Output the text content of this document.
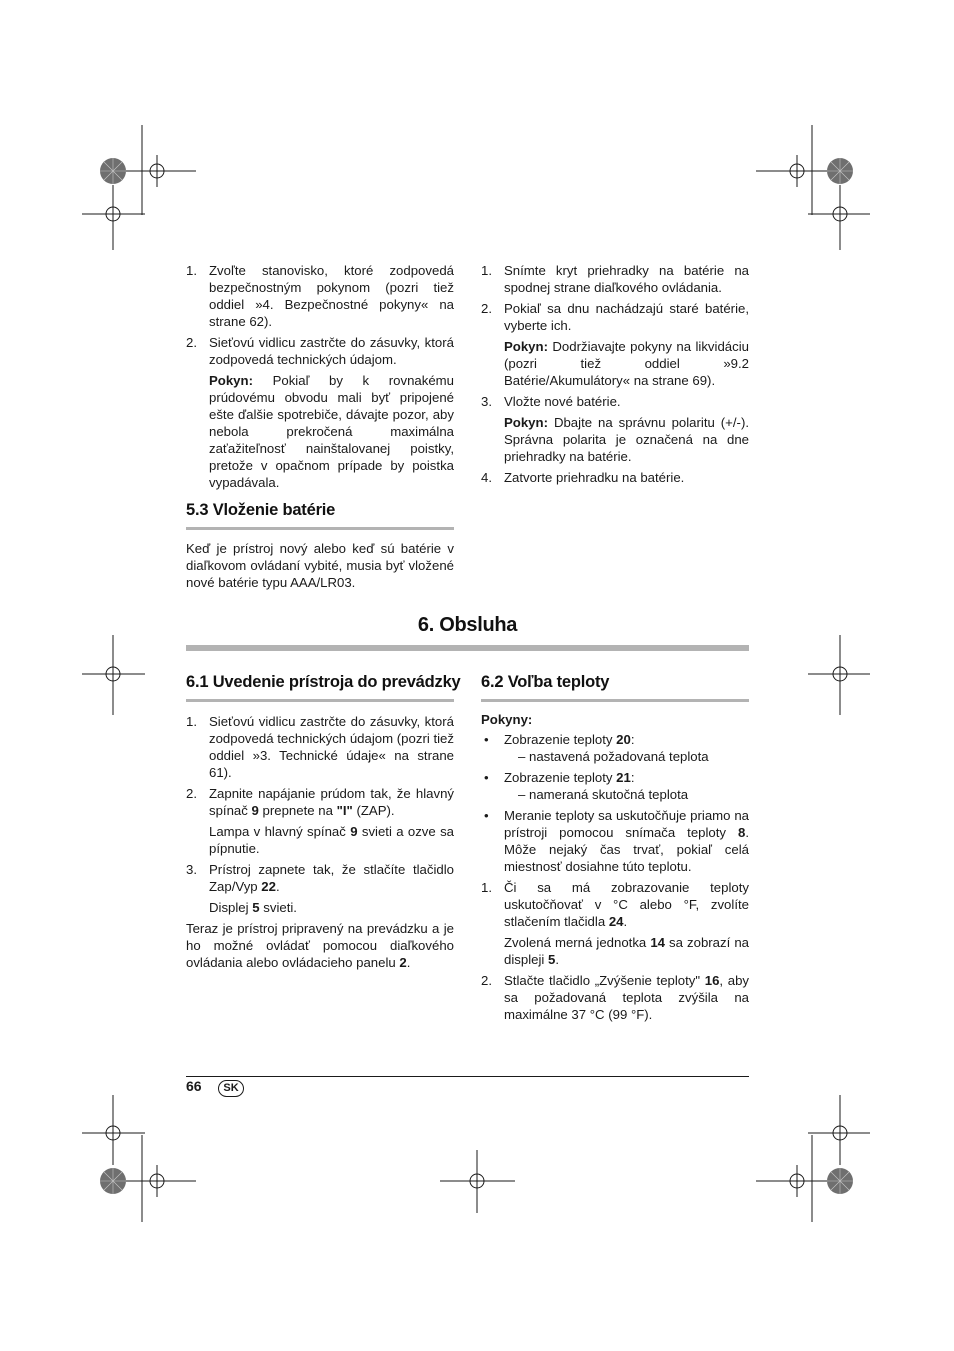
1. Zvoľte stanovisko, ktoré zodpovedá bezpečnostným pokynom (pozri tiež oddiel »4. Bezpečnostné pokyny« na strane 62).
2. Sieťovú vidlicu zastrčte do zásuvky, ktorá zodpovedá technických údajom.
Pokyn: Pokiaľ by k rovnakému prúdovému obvodu mali byť pripojené ešte ďalšie spotrebiče, dávajte pozor, aby nebola prekročená maximálna zaťažiteľnosť nainštalovanej poistky, pretože v opačnom prípade by poistka vypadávala.
5.3 Vloženie batérie
Keď je prístroj nový alebo keď sú batérie v diaľkovom ovládaní vybité, musia byť vložené nové batérie typu AAA/LR03.
1. Snímte kryt priehradky na batérie na spodnej strane diaľkového ovládania.
2. Pokiaľ sa dnu nachádzajú staré batérie, vyberte ich.
Pokyn: Dodržiavajte pokyny na likvidáciu (pozri tiež oddiel »9.2 Batérie/Akumulátory« na strane 69).
3. Vložte nové batérie.
Pokyn: Dbajte na správnu polaritu (+/-). Správna polarita je označená na dne priehradky na batérie.
4. Zatvorte priehradku na batérie.
6. Obsluha
6.1 Uvedenie prístroja do prevádzky
1. Sieťovú vidlicu zastrčte do zásuvky, ktorá zodpovedá technických údajom (pozri tiež oddiel »3. Technické údaje« na strane 61).
2. Zapnite napájanie prúdom tak, že hlavný spínač 9 prepnete na "I" (ZAP).
Lampa v hlavný spínač 9 svieti a ozve sa pípnutie.
3. Prístroj zapnete tak, že stlačíte tlačidlo Zap/Vyp 22.
Displej 5 svieti.
Teraz je prístroj pripravený na prevádzku a je ho možné ovládať pomocou diaľkového ovládania alebo ovládacieho panelu 2.
6.2 Voľba teploty
Pokyny:
• Zobrazenie teploty 20:
– nastavená požadovaná teplota
• Zobrazenie teploty 21:
– nameraná skutočná teplota
• Meranie teploty sa uskutočňuje priamo na prístroji pomocou snímača teploty 8. Môže nejaký čas trvať, pokiaľ celá miestnosť dosiahne túto teplotu.
1. Či sa má zobrazovanie teploty uskutočňovať v °C alebo °F, zvolíte stlačením tlačidla 24.
Zvolená merná jednotka 14 sa zobrazí na displeji 5.
2. Stlačte tlačidlo „Zvýšenie teploty" 16, aby sa požadovaná teplota zvýšila na maximálne 37 °C (99 °F).
66	SK
